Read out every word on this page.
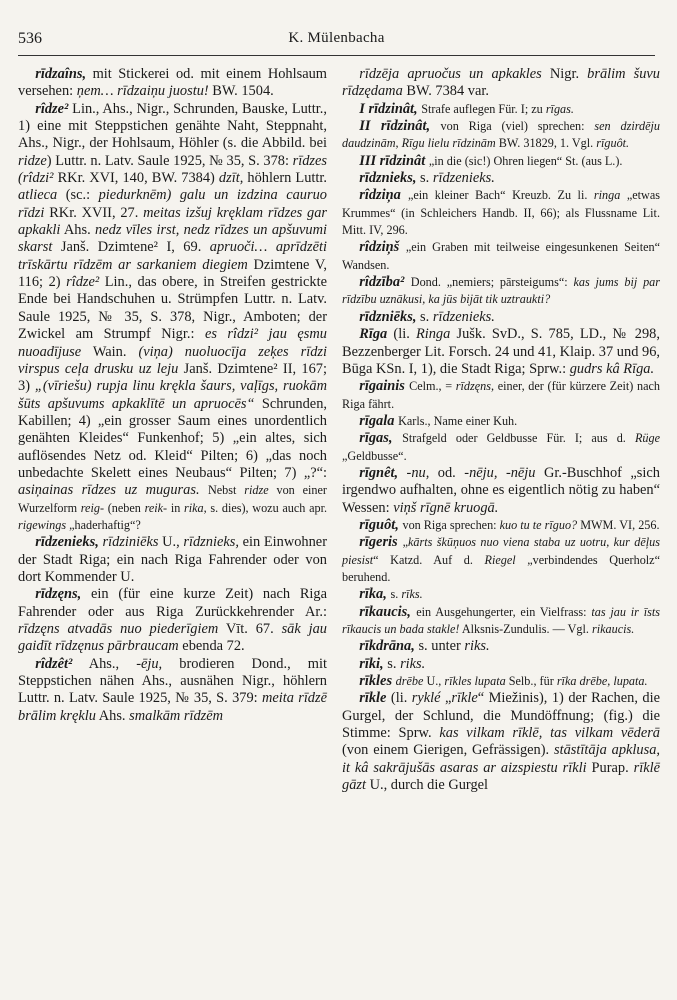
536	K. Mülenbacha

rīdzaîns, mit Stickerei od. mit einem Hohlsaum versehen: ņem… rīdzaiņu juostu! BW. 1504.

rîdze² Lin., Ahs., Nigr., Schrunden, Bauske, Luttr., 1) eine mit Steppstichen genähte Naht, Steppnaht, Ahs., Nigr., der Hohlsaum, Höhler (s. die Abbild. bei ridze) Luttr. n. Latv. Saule 1925, № 35, S. 378: rīdzes (rîdzi² RKr. XVI, 140, BW. 7384) dzīt, höhlern Luttr. atlieca (sc.: piedurknēm) galu un izdzina cauruo rīdzi RKr. XVII, 27. meitas izšuj kręklam rīdzes gar apkakli Ahs. nedz vīles irst, nedz rīdzes un apšuvumi skarst Janš. Dzimtene² I, 69. apruoči… aprīdzēti trīskārtu rīdzēm ar sarkaniem diegiem Dzimtene V, 116; 2) rîdze² Lin., das obere, in Streifen gestrickte Ende bei Handschuhen u. Strümpfen Luttr. n. Latv. Saule 1925, № 35, S. 378, Nigr., Amboten; der Zwickel am Strumpf Nigr.: es rîdzi² jau ęsmu nuoadījuse Wain. (viņa) nuoluocīja zeķes rīdzi virspus ceļa drusku uz leju Janš. Dzimtene² II, 167; 3) „(vīriešu) rupja linu krękla šaurs, vaļīgs, ruokām šūts apšuvums apkaklītē un apruocēs“ Schrunden, Kabillen; 4) „ein grosser Saum eines unordentlich genähten Kleides“ Funkenhof; 5) „ein altes, sich auflösendes Netz od. Kleid“ Pilten; 6) „das noch unbedachte Skelett eines Neubaus“ Pilten; 7) „?“: asiņainas rīdzes uz muguras. Nebst ridze von einer Wurzelform reig- (neben reik- in rika, s. dies), wozu auch apr. rigewings „haderhaftig“?

rīdzenieks, rīdziniēks U., rīdznieks, ein Einwohner der Stadt Riga; ein nach Riga Fahrender oder von dort Kommender U.

rīdzęns, ein (für eine kurze Zeit) nach Riga Fahrender oder aus Riga Zurückkehrender Ar.: rīdzęns atvadās nuo piederīgiem Vīt. 67. sāk jau gaidīt rīdzęnus pārbraucam ebenda 72.

rîdzêt² Ahs., -ēju, brodieren Dond., mit Steppstichen nähen Ahs., ausnähen Nigr., höhlern Luttr. n. Latv. Saule 1925, № 35, S. 379: meita rīdzē brālim kręklu Ahs. smalkām rīdzēm

rīdzēja apruočus un apkakles Nigr. brālim šuvu rīdzędama BW. 7384 var.

I rīdzinât, Strafe auflegen Für. I; zu rīgas.

II rīdzinât, von Riga (viel) sprechen: sen dzirdēju daudzinām, Rīgu lielu rīdzinām BW. 31829, 1. Vgl. rīguôt.

III rīdzinât „in die (sic!) Ohren liegen“ St. (aus L.).

rīdznieks, s. rīdzenieks.

rîdziņa „ein kleiner Bach“ Kreuzb. Zu li. ringa „etwas Krummes“ (in Schleichers Handb. II, 66); als Flussname Lit. Mitt. IV, 296.

rîdziņš „ein Graben mit teilweise eingesunkenen Seiten“ Wandsen.

rîdzība² Dond. „nemiers; pārsteigums“: kas jums bij par rīdzību uznākusi, ka jūs bijāt tik uztraukti?

rīdzniēks, s. rīdzenieks.

Rīga (li. Ringa Jušk. SvD., S. 785, LD., № 298, Bezzenberger Lit. Forsch. 24 und 41, Klaip. 37 und 96, Būga KSn. I, 1), die Stadt Riga; Sprw.: gudrs kâ Rīga.

rīgainis Celm., = rīdzęns, einer, der (für kürzere Zeit) nach Riga fährt.

rīgala Karls., Name einer Kuh.

rīgas, Strafgeld oder Geldbusse Für. I; aus d. Rüge „Geldbusse“.

rīgnêt, -nu, od. -nēju, -nēju Gr.-Buschhof „sich irgendwo aufhalten, ohne es eigentlich nötig zu haben“ Wessen: viņš rīgnē kruogā.

rīguôt, von Riga sprechen: kuo tu te rīguo? MWM. VI, 256.

rīgeris „kārts škūņuos nuo viena staba uz uotru, kur dēļus piesist“ Katzd. Auf d. Riegel „verbindendes Querholz“ beruhend.

rīka, s. rīks.

rīkaucis, ein Ausgehungerter, ein Vielfrass: tas jau ir īsts rīkaucis un bada stakle! Alksnis-Zundulis. — Vgl. rikaucis.

rīkdrāna, s. unter riks.

rīki, s. riks.

rīkles drēbe U., rīkles lupata Selb., für rīka drēbe, lupata.

rīkle (li. ryklé „rīkle“ Miežinis), 1) der Rachen, die Gurgel, der Schlund, die Mundöffnung; (fig.) die Stimme: Sprw. kas vilkam rīklē, tas vilkam vēderā (von einem Gierigen, Gefrässigen). stāstītāja apklusa, it kâ sakrājušās asaras ar aizspiestu rīkli Purap. rīklē gāzt U., durch die Gurgel
